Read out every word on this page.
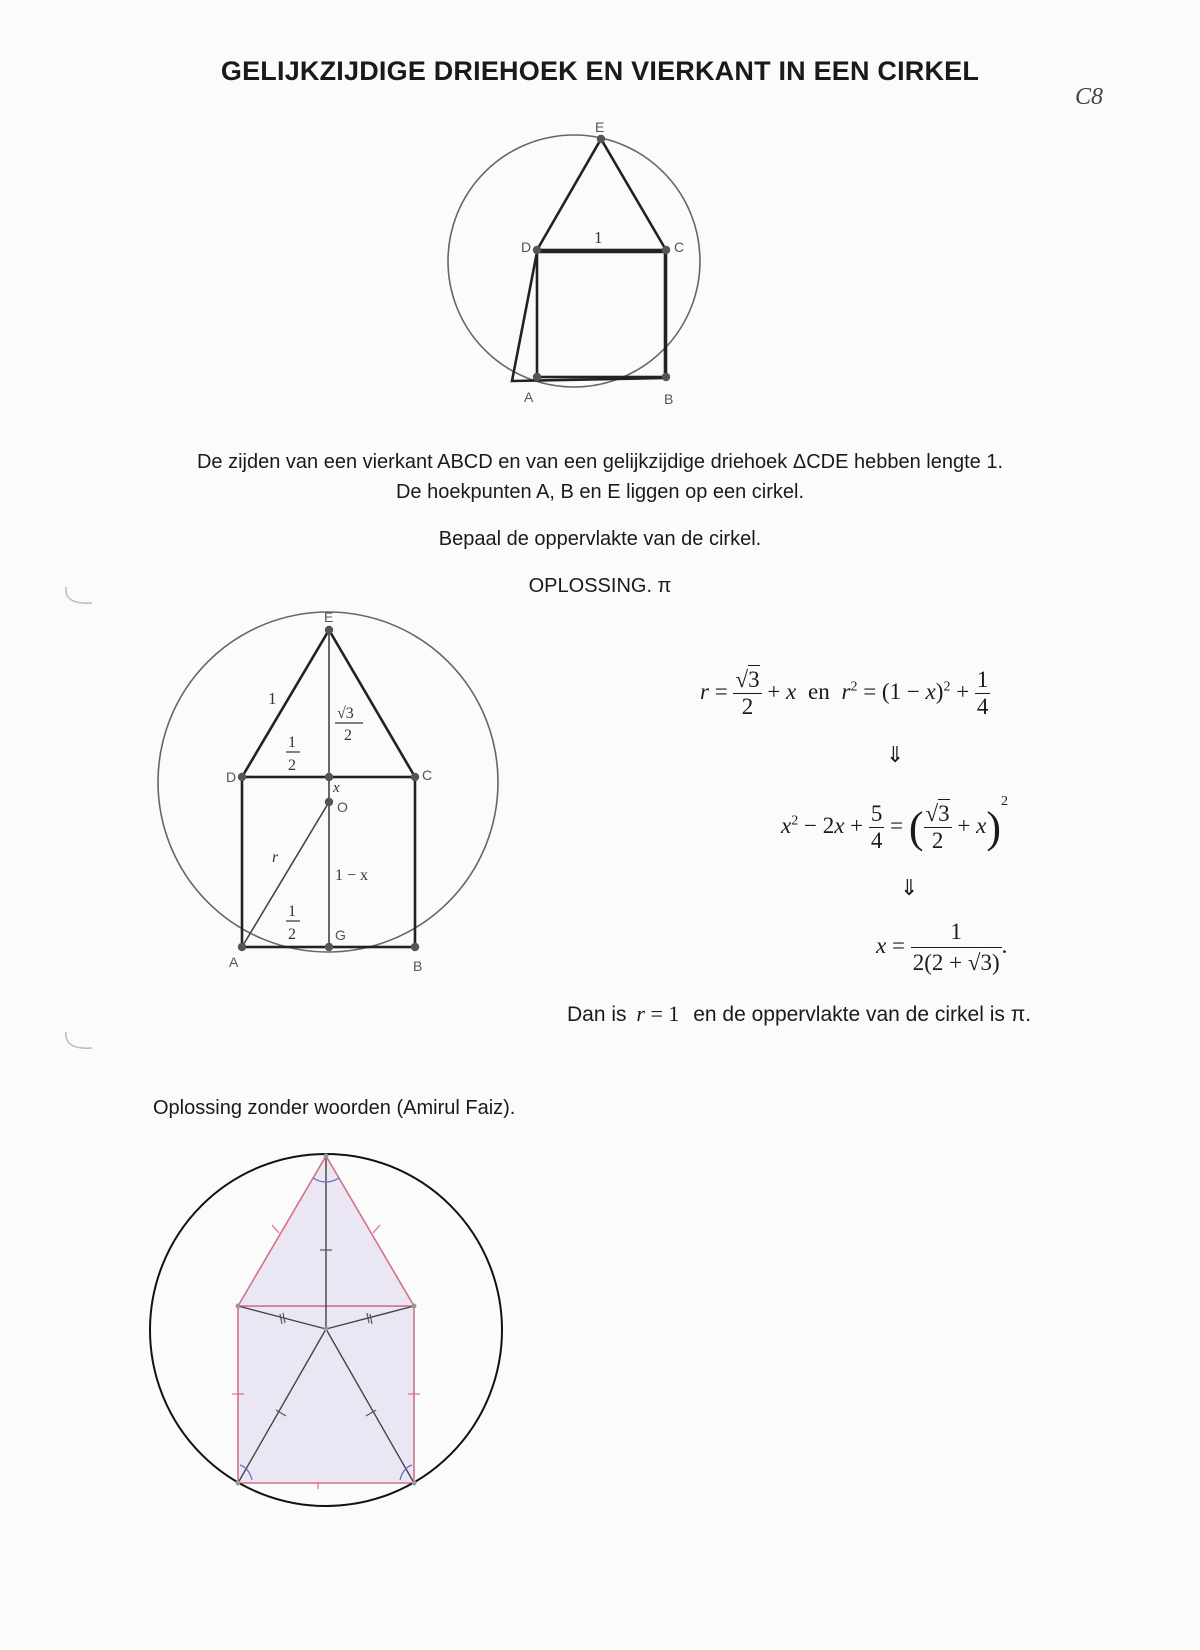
GELIJKZIJDIGE DRIEHOEK EN VIERKANT IN EEN CIRKEL
C8
E
D	C
A	B
1
De zijden van een vierkant ABCD en van een gelijkzijdige driehoek ΔCDE hebben lengte 1.
De hoekpunten A, B en E liggen op een cirkel.
Bepaal de oppervlakte van de cirkel.
OPLOSSING. π
E
D	C
A	B
O
G
1
1
2
√3
2
x
r
1 − x
1
2
$r = \frac{√3}{2} + x$ en $r^2 = (1 - x)^2 + \frac{1}{4}$
⇓
$x^2 - 2x + \frac{5}{4}$ = ( $\frac{√3}{2} + x)^2$
⇓
$x = \frac{1}{2(2 + √3)}$ .
Dan is r = 1 en de oppervlakte van de cirkel is π.
Oplossing zonder woorden (Amirul Faiz).
